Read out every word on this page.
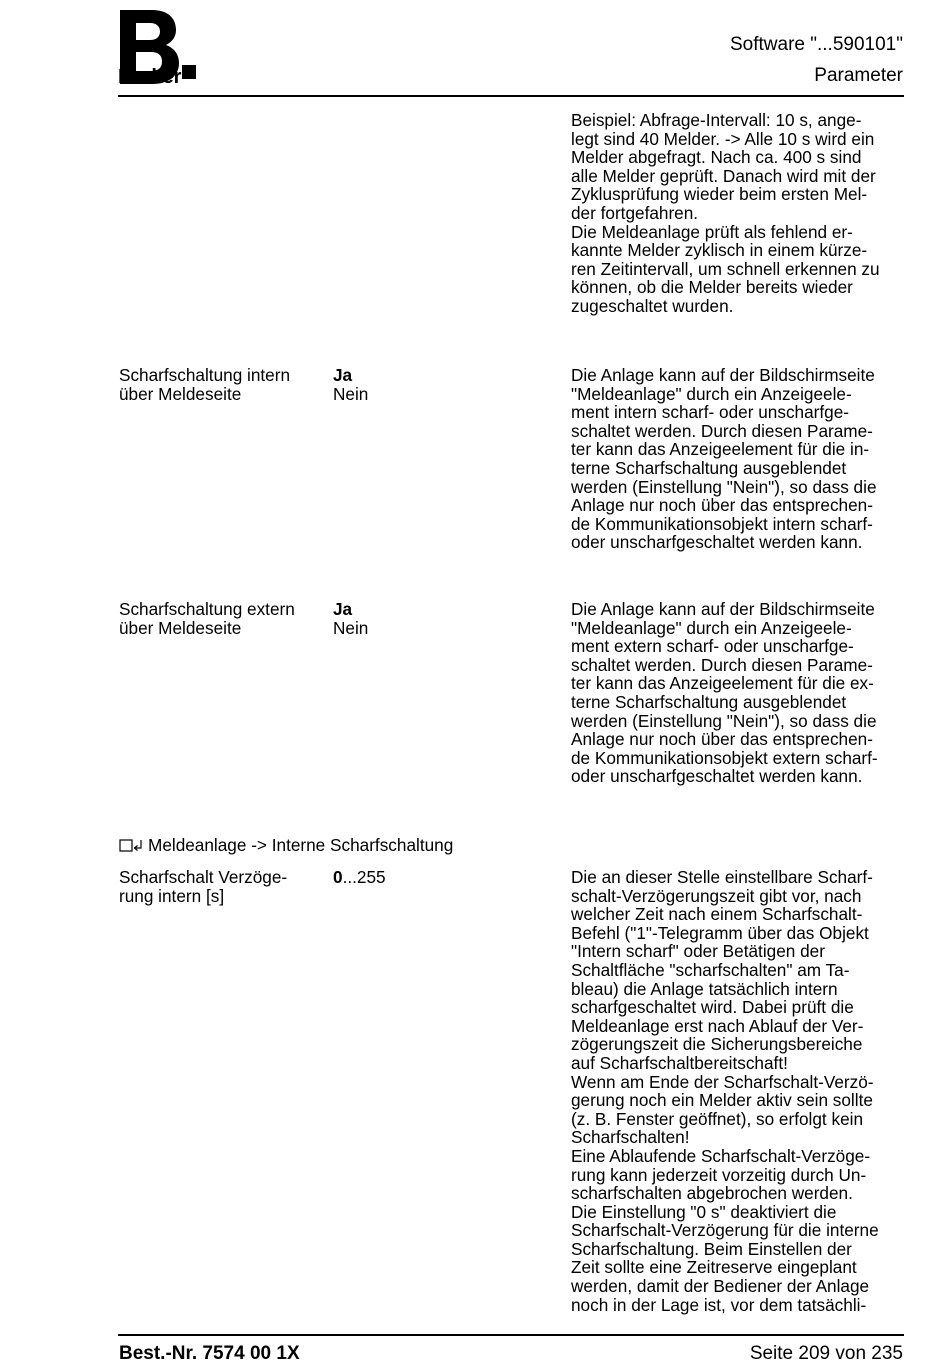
Berker
Software "...590101"
Parameter
Beispiel: Abfrage-Intervall: 10 s, ange-
legt sind 40 Melder. -> Alle 10 s wird ein
Melder abgefragt. Nach ca. 400 s sind
alle Melder geprüft. Danach wird mit der
Zyklusprüfung wieder beim ersten Mel-
der fortgefahren.
Die Meldeanlage prüft als fehlend er-
kannte Melder zyklisch in einem kürze-
ren Zeitintervall, um schnell erkennen zu
können, ob die Melder bereits wieder
zugeschaltet wurden.
Scharfschaltung intern
über Meldeseite
Ja
Nein
Die Anlage kann auf der Bildschirmseite
"Meldeanlage" durch ein Anzeigeele-
ment intern scharf- oder unscharfge-
schaltet werden. Durch diesen Parame-
ter kann das Anzeigeelement für die in-
terne Scharfschaltung ausgeblendet
werden (Einstellung "Nein"), so dass die
Anlage nur noch über das entsprechen-
de Kommunikationsobjekt intern scharf-
oder unscharfgeschaltet werden kann.
Scharfschaltung extern
über Meldeseite
Ja
Nein
Die Anlage kann auf der Bildschirmseite
"Meldeanlage" durch ein Anzeigeele-
ment extern scharf- oder unscharfge-
schaltet werden. Durch diesen Parame-
ter kann das Anzeigeelement für die ex-
terne Scharfschaltung ausgeblendet
werden (Einstellung "Nein"), so dass die
Anlage nur noch über das entsprechen-
de Kommunikationsobjekt extern scharf-
oder unscharfgeschaltet werden kann.
Meldeanlage -> Interne Scharfschaltung
Scharfschalt Verzöge-
rung intern [s]
0...255	Die an dieser Stelle einstellbare Scharf-
schalt-Verzögerungszeit gibt vor, nach
welcher Zeit nach einem Scharfschalt-
Befehl ("1"-Telegramm über das Objekt
"Intern scharf" oder Betätigen der
Schaltfläche "scharfschalten" am Ta-
bleau) die Anlage tatsächlich intern
scharfgeschaltet wird. Dabei prüft die
Meldeanlage erst nach Ablauf der Ver-
zögerungszeit die Sicherungsbereiche
auf Scharfschaltbereitschaft!
Wenn am Ende der Scharfschalt-Verzö-
gerung noch ein Melder aktiv sein sollte
(z. B. Fenster geöffnet), so erfolgt kein
Scharfschalten!
Eine Ablaufende Scharfschalt-Verzöge-
rung kann jederzeit vorzeitig durch Un-
scharfschalten abgebrochen werden.
Die Einstellung "0 s" deaktiviert die
Scharfschalt-Verzögerung für die interne
Scharfschaltung. Beim Einstellen der
Zeit sollte eine Zeitreserve eingeplant
werden, damit der Bediener der Anlage
noch in der Lage ist, vor dem tatsächli-
Best.-Nr. 7574 00 1X	Seite 209 von 235
